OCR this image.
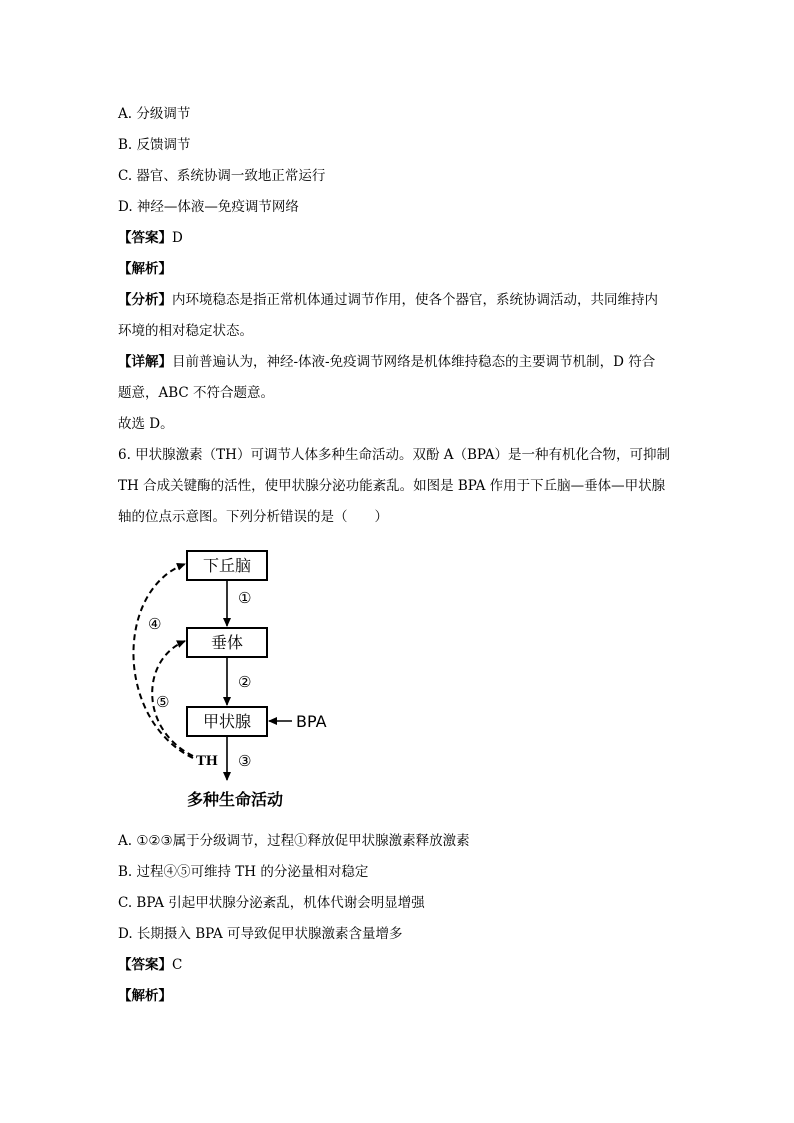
A. 分级调节
B. 反馈调节
C. 器官、系统协调一致地正常运行
D. 神经—体液—免疫调节网络
【答案】D
【解析】
【分析】内环境稳态是指正常机体通过调节作用，使各个器官，系统协调活动，共同维持内
环境的相对稳定状态。
【详解】目前普遍认为，神经-体液-免疫调节网络是机体维持稳态的主要调节机制，D 符合
题意，ABC 不符合题意。
故选 D。
6. 甲状腺激素（TH）可调节人体多种生命活动。双酚 A（BPA）是一种有机化合物，可抑制
TH 合成关键酶的活性，使甲状腺分泌功能紊乱。如图是 BPA 作用于下丘脑—垂体—甲状腺
轴的位点示意图。下列分析错误的是（　　）
下丘脑
垂体
甲状腺	BPA
①
②
③
④
⑤
TH
多种生命活动
A. ①②③属于分级调节，过程①释放促甲状腺激素释放激素
B. 过程④⑤可维持 TH 的分泌量相对稳定
C. BPA 引起甲状腺分泌紊乱，机体代谢会明显增强
D. 长期摄入 BPA 可导致促甲状腺激素含量增多
【答案】C
【解析】
